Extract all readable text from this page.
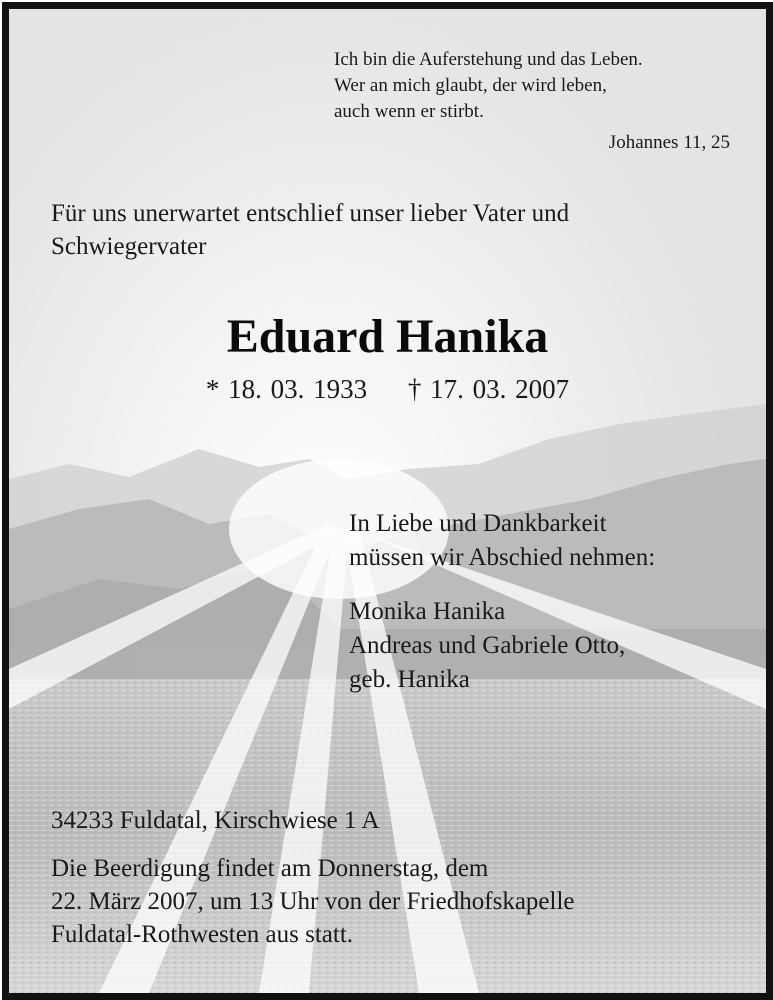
Ich bin die Auferstehung und das Leben.
Wer an mich glaubt, der wird leben,
auch wenn er stirbt.
Johannes 11, 25
Für uns unerwartet entschlief unser lieber Vater und
Schwiegervater
Eduard Hanika
* 18. 03. 1933 † 17. 03. 2007
In Liebe und Dankbarkeit
müssen wir Abschied nehmen:
Monika Hanika
Andreas und Gabriele Otto,
geb. Hanika
34233 Fuldatal, Kirschwiese 1 A
Die Beerdigung findet am Donnerstag, dem
22. März 2007, um 13 Uhr von der Friedhofskapelle
Fuldatal-Rothwesten aus statt.
